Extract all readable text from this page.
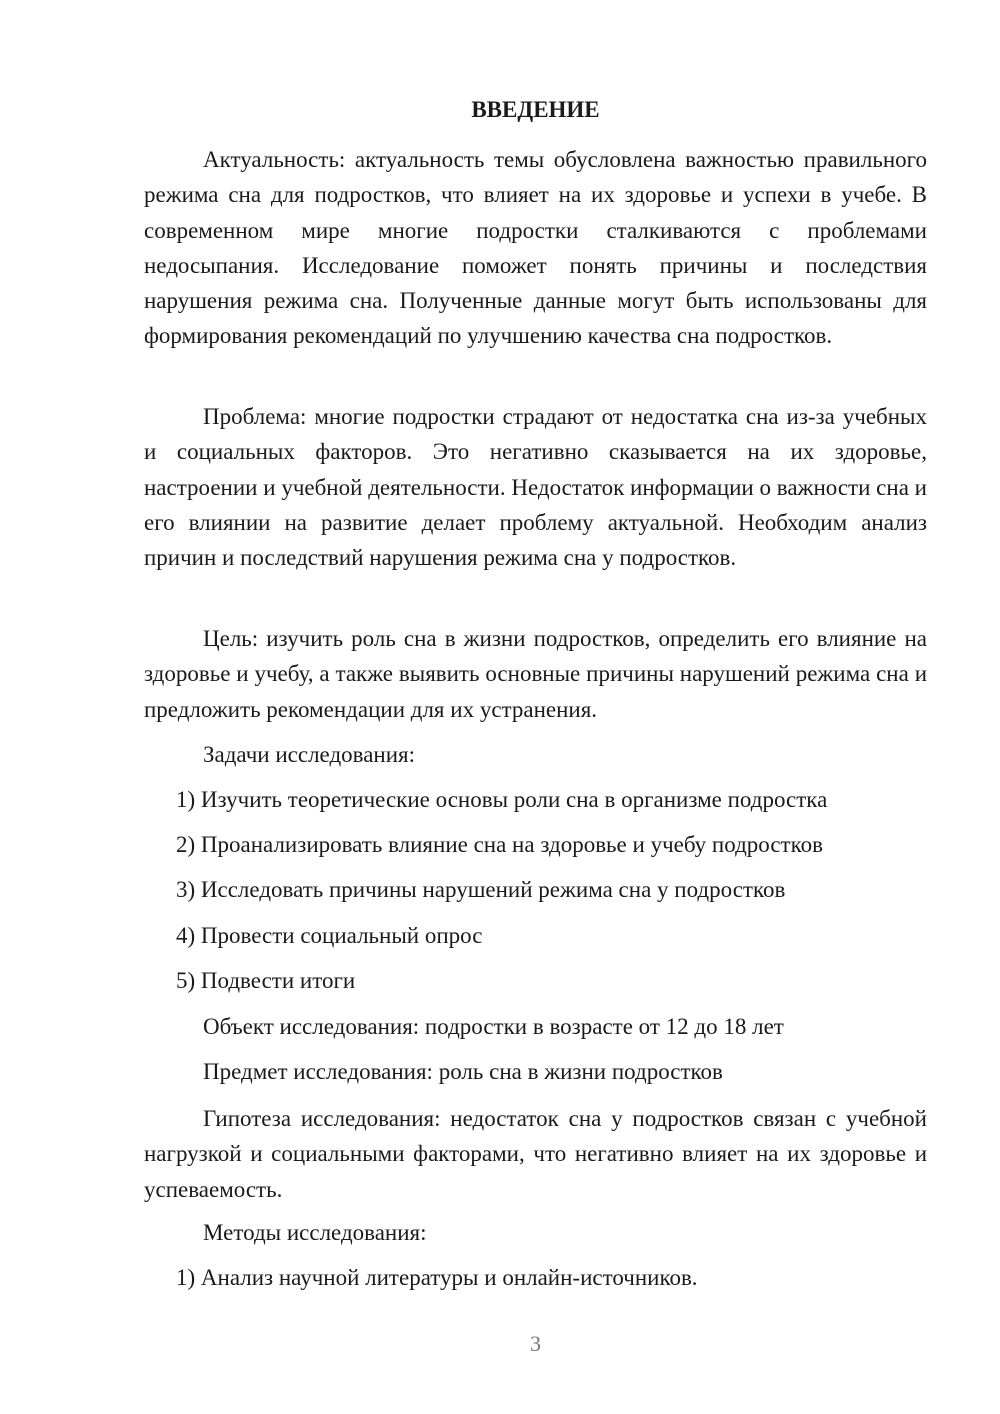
ВВЕДЕНИЕ

Актуальность: актуальность темы обусловлена важностью правильного режима сна для подростков, что влияет на их здоровье и успехи в учебе. В современном мире многие подростки сталкиваются с проблемами недосыпания. Исследование поможет понять причины и последствия нарушения режима сна. Полученные данные могут быть использованы для формирования рекомендаций по улучшению качества сна подростков.

Проблема: многие подростки страдают от недостатка сна из-за учебных и социальных факторов. Это негативно сказывается на их здоровье, настроении и учебной деятельности. Недостаток информации о важности сна и его влиянии на развитие делает проблему актуальной. Необходим анализ причин и последствий нарушения режима сна у подростков.

Цель: изучить роль сна в жизни подростков, определить его влияние на здоровье и учебу, а также выявить основные причины нарушений режима сна и предложить рекомендации для их устранения.

Задачи исследования:
1) Изучить теоретические основы роли сна в организме подростка
2) Проанализировать влияние сна на здоровье и учебу подростков
3) Исследовать причины нарушений режима сна у подростков
4) Провести социальный опрос
5) Подвести итоги
Объект исследования: подростки в возрасте от 12 до 18 лет
Предмет исследования: роль сна в жизни подростков

Гипотеза исследования: недостаток сна у подростков связан с учебной нагрузкой и социальными факторами, что негативно влияет на их здоровье и успеваемость.

Методы исследования:
1) Анализ научной литературы и онлайн-источников.
3
